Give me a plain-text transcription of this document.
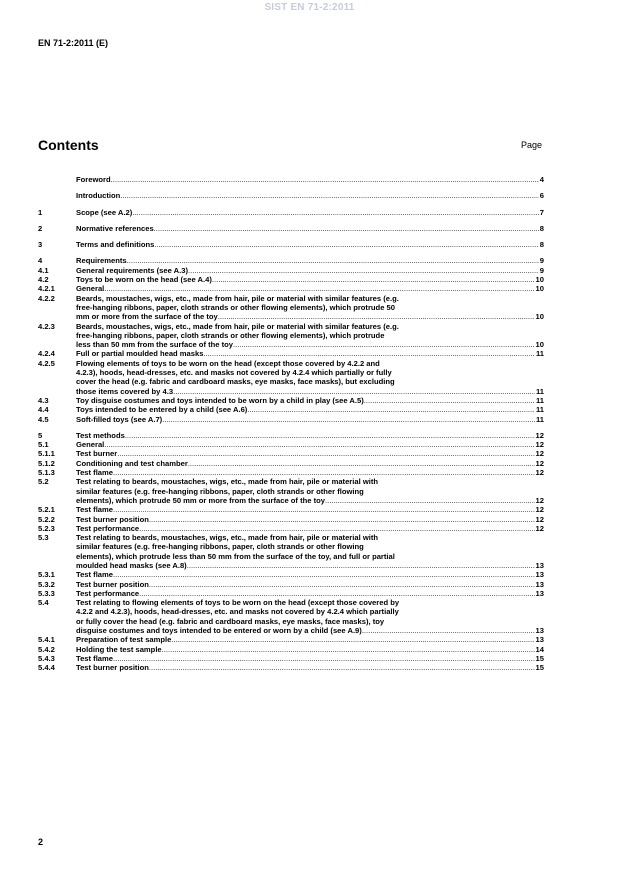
SIST EN 71-2:2011
EN 71-2:2011 (E)
Contents	Page
Foreword .....	4
Introduction .....	6
1	Scope (see A.2) .....	7
2	Normative references .....	8
3	Terms and definitions .....	8
4	Requirements .....	9
4.1	General requirements (see A.3) .....	9
4.2	Toys to be worn on the head (see A.4) .....	10
4.2.1	General .....	10
4.2.2	Beards, moustaches, wigs, etc., made from hair, pile or material with similar features (e.g.
free-hanging ribbons, paper, cloth strands or other flowing elements), which protrude 50
mm or more from the surface of the toy .....	10
4.2.3	Beards, moustaches, wigs, etc., made from hair, pile or material with similar features (e.g.
free-hanging ribbons, paper, cloth strands or other flowing elements), which protrude
less than 50 mm from the surface of the toy .....	10
4.2.4	Full or partial moulded head masks .....	11
4.2.5	Flowing elements of toys to be worn on the head (except those covered by 4.2.2 and
4.2.3), hoods, head-dresses, etc. and masks not covered by 4.2.4 which partially or fully
cover the head (e.g. fabric and cardboard masks, eye masks, face masks), but excluding
those items covered by 4.3 .....	11
4.3	Toy disguise costumes and toys intended to be worn by a child in play (see A.5) .....	11
4.4	Toys intended to be entered by a child (see A.6) .....	11
4.5	Soft-filled toys (see A.7) .....	11
5	Test methods .....	12
5.1	General .....	12
5.1.1	Test burner .....	12
5.1.2	Conditioning and test chamber .....	12
5.1.3	Test flame .....	12
5.2	Test relating to beards, moustaches, wigs, etc., made from hair, pile or material with
similar features (e.g. free-hanging ribbons, paper, cloth strands or other flowing
elements), which protrude 50 mm or more from the surface of the toy .....	12
5.2.1	Test flame .....	12
5.2.2	Test burner position .....	12
5.2.3	Test performance .....	12
5.3	Test relating to beards, moustaches, wigs, etc., made from hair, pile or material with
similar features (e.g. free-hanging ribbons, paper, cloth strands or other flowing
elements), which protrude less than 50 mm from the surface of the toy, and full or partial
moulded head masks (see A.8) .....	13
5.3.1	Test flame .....	13
5.3.2	Test burner position .....	13
5.3.3	Test performance .....	13
5.4	Test relating to flowing elements of toys to be worn on the head (except those covered by
4.2.2 and 4.2.3), hoods, head-dresses, etc. and masks not covered by 4.2.4 which partially
or fully cover the head (e.g. fabric and cardboard masks, eye masks, face masks), toy
disguise costumes and toys intended to be entered or worn by a child (see A.9) .....	13
5.4.1	Preparation of test sample .....	13
5.4.2	Holding the test sample .....	14
5.4.3	Test flame .....	15
5.4.4	Test burner position .....	15
2
